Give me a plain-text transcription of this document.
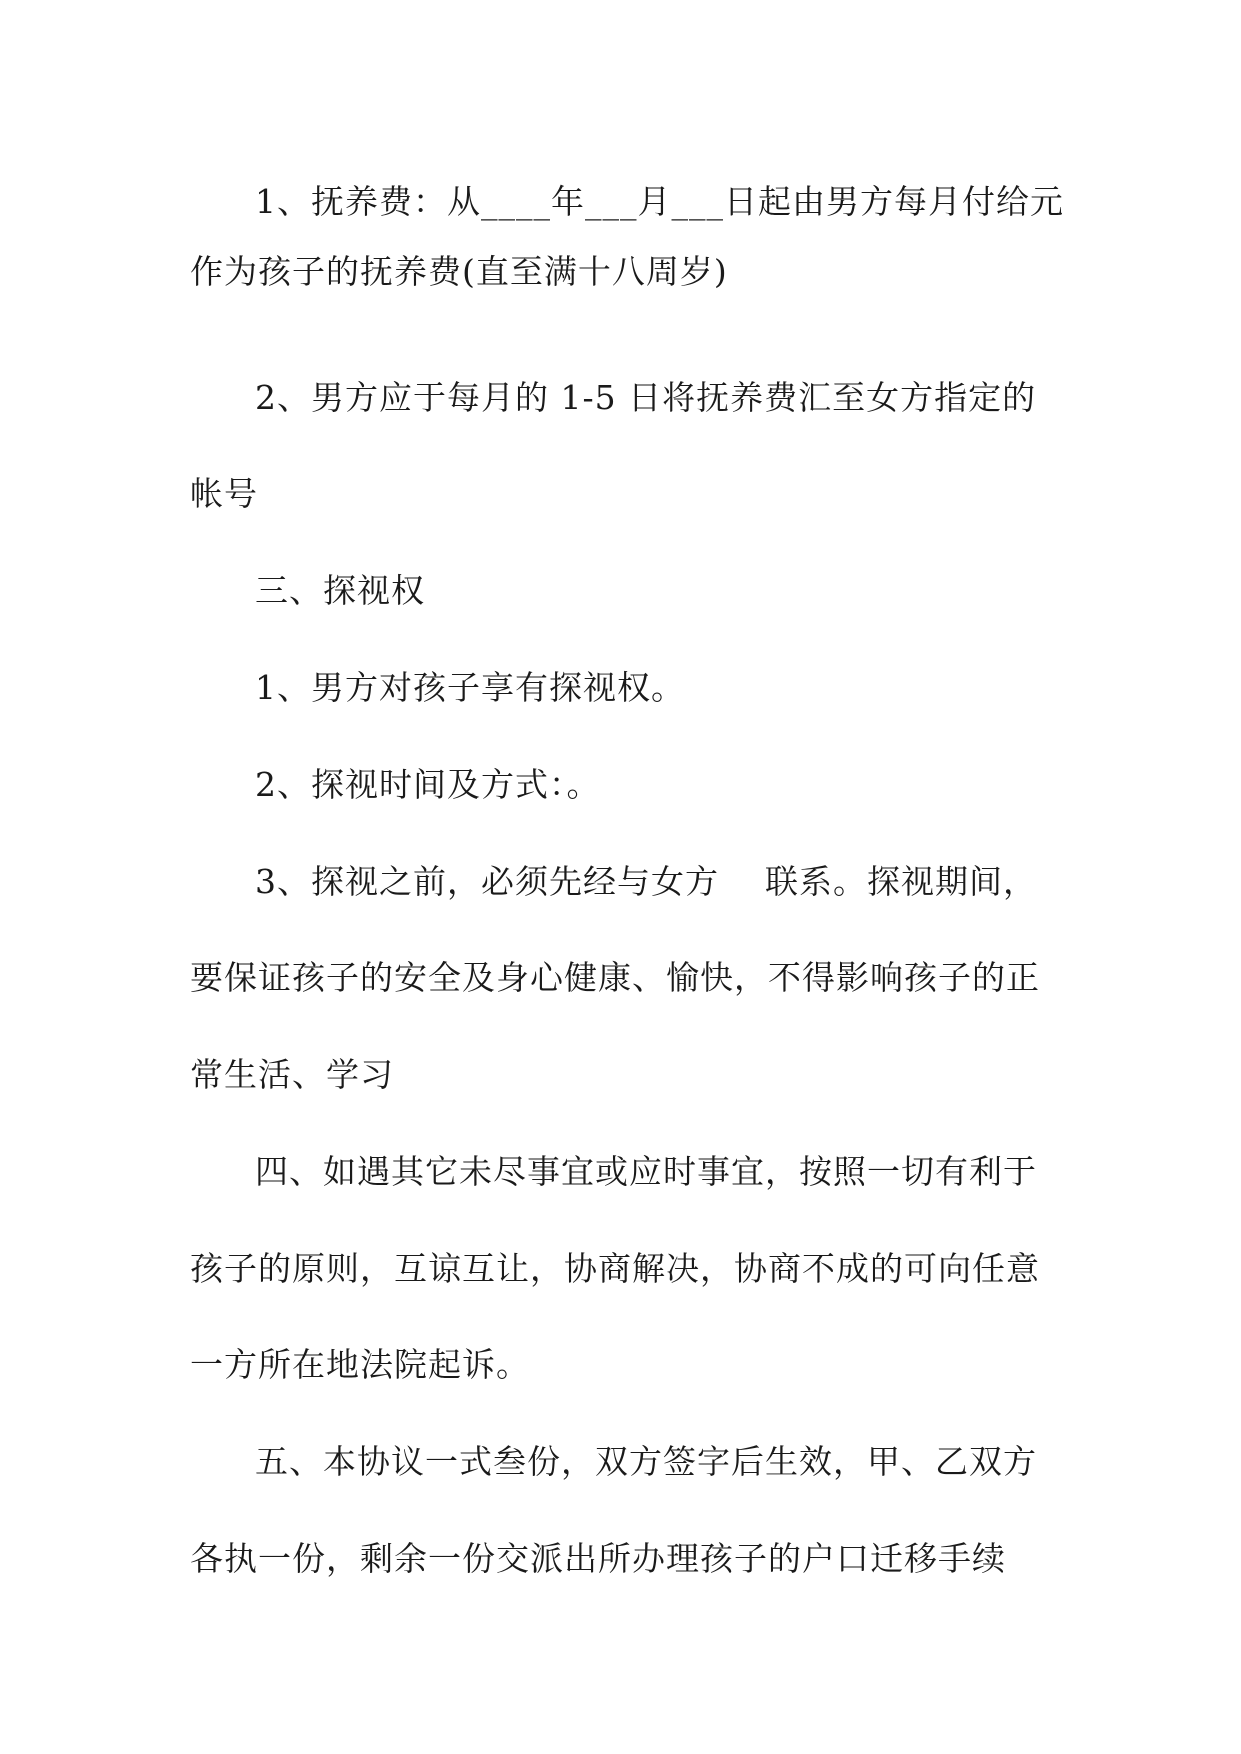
1、抚养费：从____年___月___日起由男方每月付给元
作为孩子的抚养费(直至满十八周岁)
2、男方应于每月的 1-5 日将抚养费汇至女方指定的
帐号
三、探视权
1、男方对孩子享有探视权。
2、探视时间及方式：。
3、探视之前，必须先经与女方    联系。探视期间，
要保证孩子的安全及身心健康、愉快，不得影响孩子的正
常生活、学习
四、如遇其它未尽事宜或应时事宜，按照一切有利于
孩子的原则，互谅互让，协商解决，协商不成的可向任意
一方所在地法院起诉。
五、本协议一式叁份，双方签字后生效，甲、乙双方
各执一份，剩余一份交派出所办理孩子的户口迁移手续
